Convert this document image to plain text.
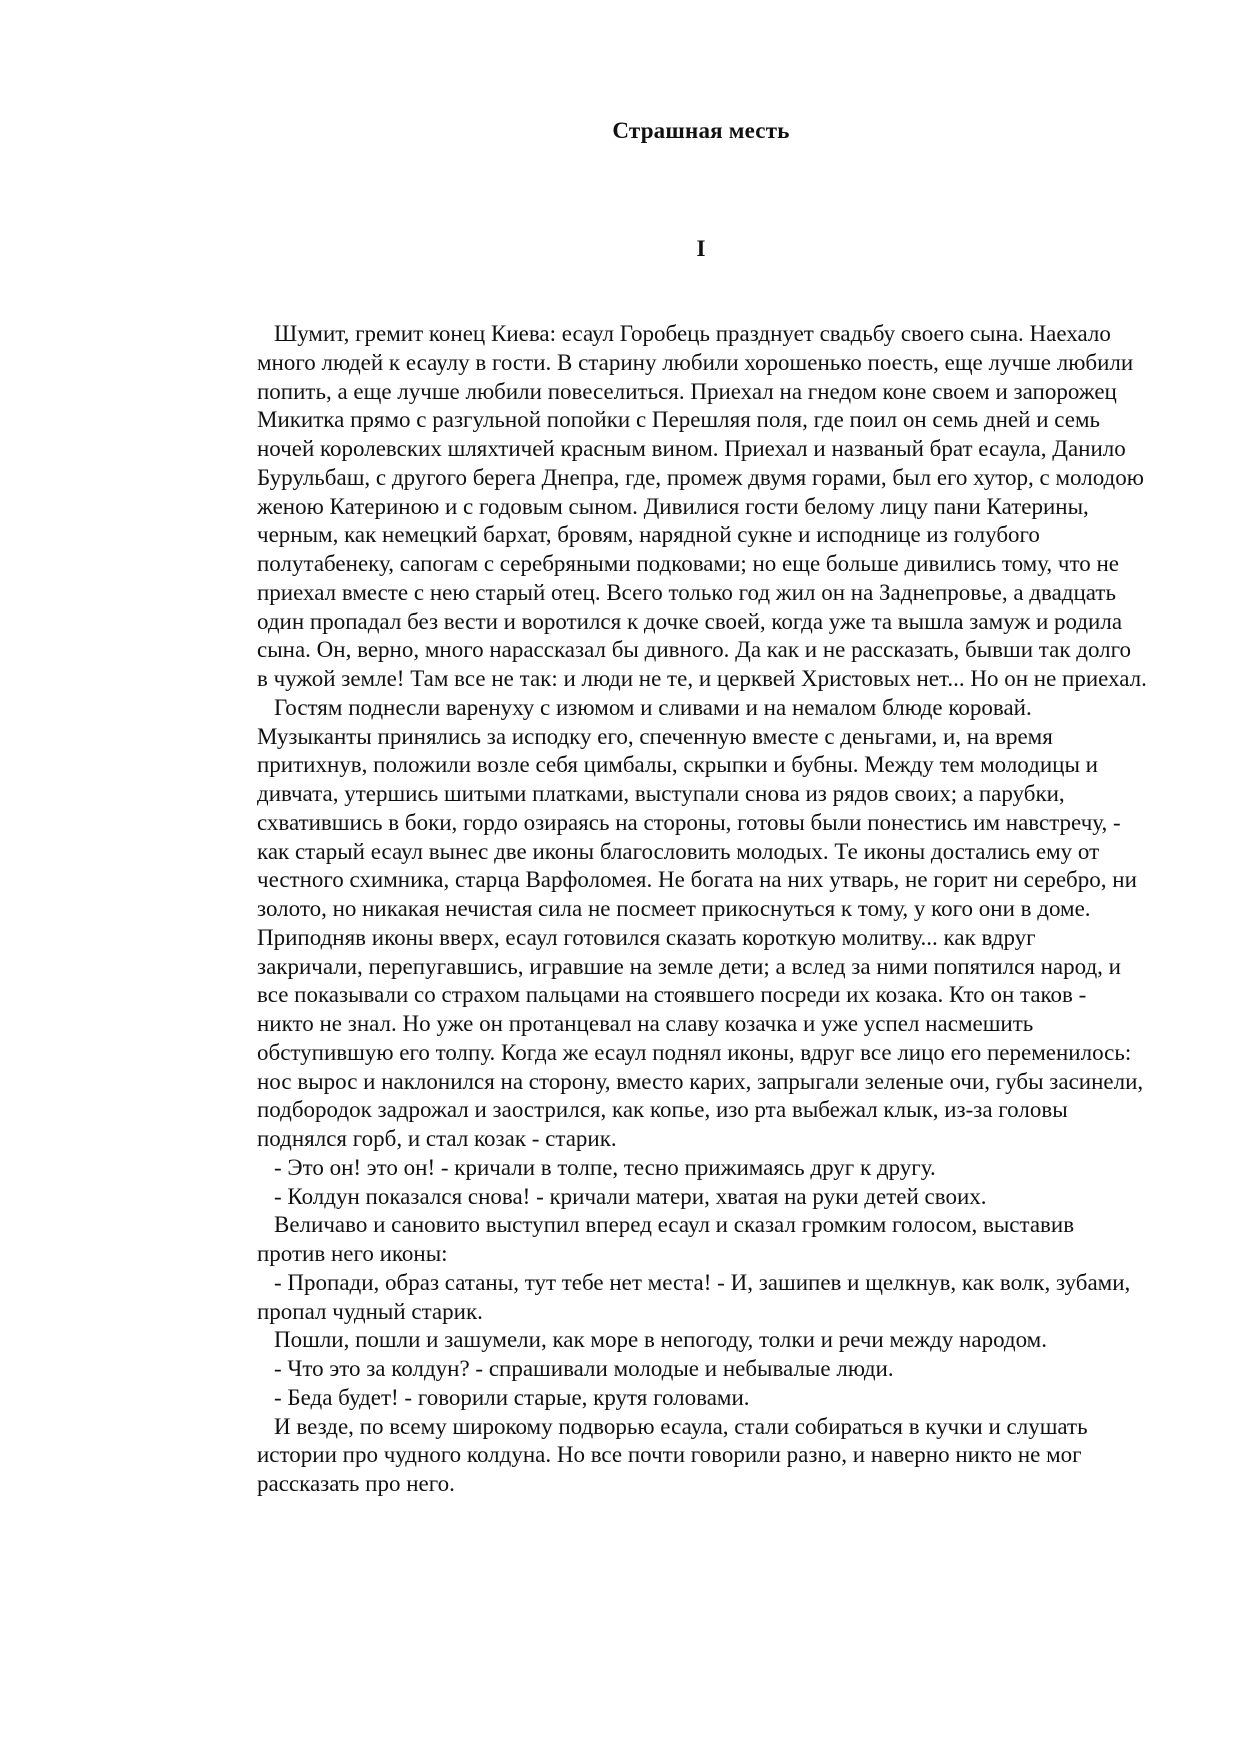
Страшная месть
I

Шумит, гремит конец Киева: есаул Горобець празднует свадьбу своего сына. Наехало много людей к есаулу в гости. В старину любили хорошенько поесть, еще лучше любили попить, а еще лучше любили повеселиться. Приехал на гнедом коне своем и запорожец Микитка прямо с разгульной попойки с Перешляя поля, где поил он семь дней и семь ночей королевских шляхтичей красным вином. Приехал и названый брат есаула, Данило Бурульбаш, с другого берега Днепра, где, промеж двумя горами, был его хутор, с молодою женою Катериною и с годовым сыном. Дивилися гости белому лицу пани Катерины, черным, как немецкий бархат, бровям, нарядной сукне и исподнице из голубого полутабенеку, сапогам с серебряными подковами; но еще больше дивились тому, что не приехал вместе с нею старый отец. Всего только год жил он на Заднепровье, а двадцать один пропадал без вести и воротился к дочке своей, когда уже та вышла замуж и родила сына. Он, верно, много нарассказал бы дивного. Да как и не рассказать, бывши так долго в чужой земле! Там все не так: и люди не те, и церквей Христовых нет... Но он не приехал.

Гостям поднесли варенуху с изюмом и сливами и на немалом блюде коровай. Музыканты принялись за исподку его, спеченную вместе с деньгами, и, на время притихнув, положили возле себя цимбалы, скрыпки и бубны. Между тем молодицы и дивчата, утершись шитыми платками, выступали снова из рядов своих; а парубки, схватившись в боки, гордо озираясь на стороны, готовы были понестись им навстречу, - как старый есаул вынес две иконы благословить молодых. Те иконы достались ему от честного схимника, старца Варфоломея. Не богата на них утварь, не горит ни серебро, ни золото, но никакая нечистая сила не посмеет прикоснуться к тому, у кого они в доме. Приподняв иконы вверх, есаул готовился сказать короткую молитву... как вдруг закричали, перепугавшись, игравшие на земле дети; а вслед за ними попятился народ, и все показывали со страхом пальцами на стоявшего посреди их козака. Кто он таков - никто не знал. Но уже он протанцевал на славу козачка и уже успел насмешить обступившую его толпу. Когда же есаул поднял иконы, вдруг все лицо его переменилось: нос вырос и наклонился на сторону, вместо карих, запрыгали зеленые очи, губы засинели, подбородок задрожал и заострился, как копье, изо рта выбежал клык, из-за головы поднялся горб, и стал козак - старик.

- Это он! это он! - кричали в толпе, тесно прижимаясь друг к другу.

- Колдун показался снова! - кричали матери, хватая на руки детей своих.

Величаво и сановито выступил вперед есаул и сказал громким голосом, выставив против него иконы:

- Пропади, образ сатаны, тут тебе нет места! - И, зашипев и щелкнув, как волк, зубами, пропал чудный старик.

Пошли, пошли и зашумели, как море в непогоду, толки и речи между народом.

- Что это за колдун? - спрашивали молодые и небывалые люди.

- Беда будет! - говорили старые, крутя головами.

И везде, по всему широкому подворью есаула, стали собираться в кучки и слушать истории про чудного колдуна. Но все почти говорили разно, и наверно никто не мог рассказать про него.
